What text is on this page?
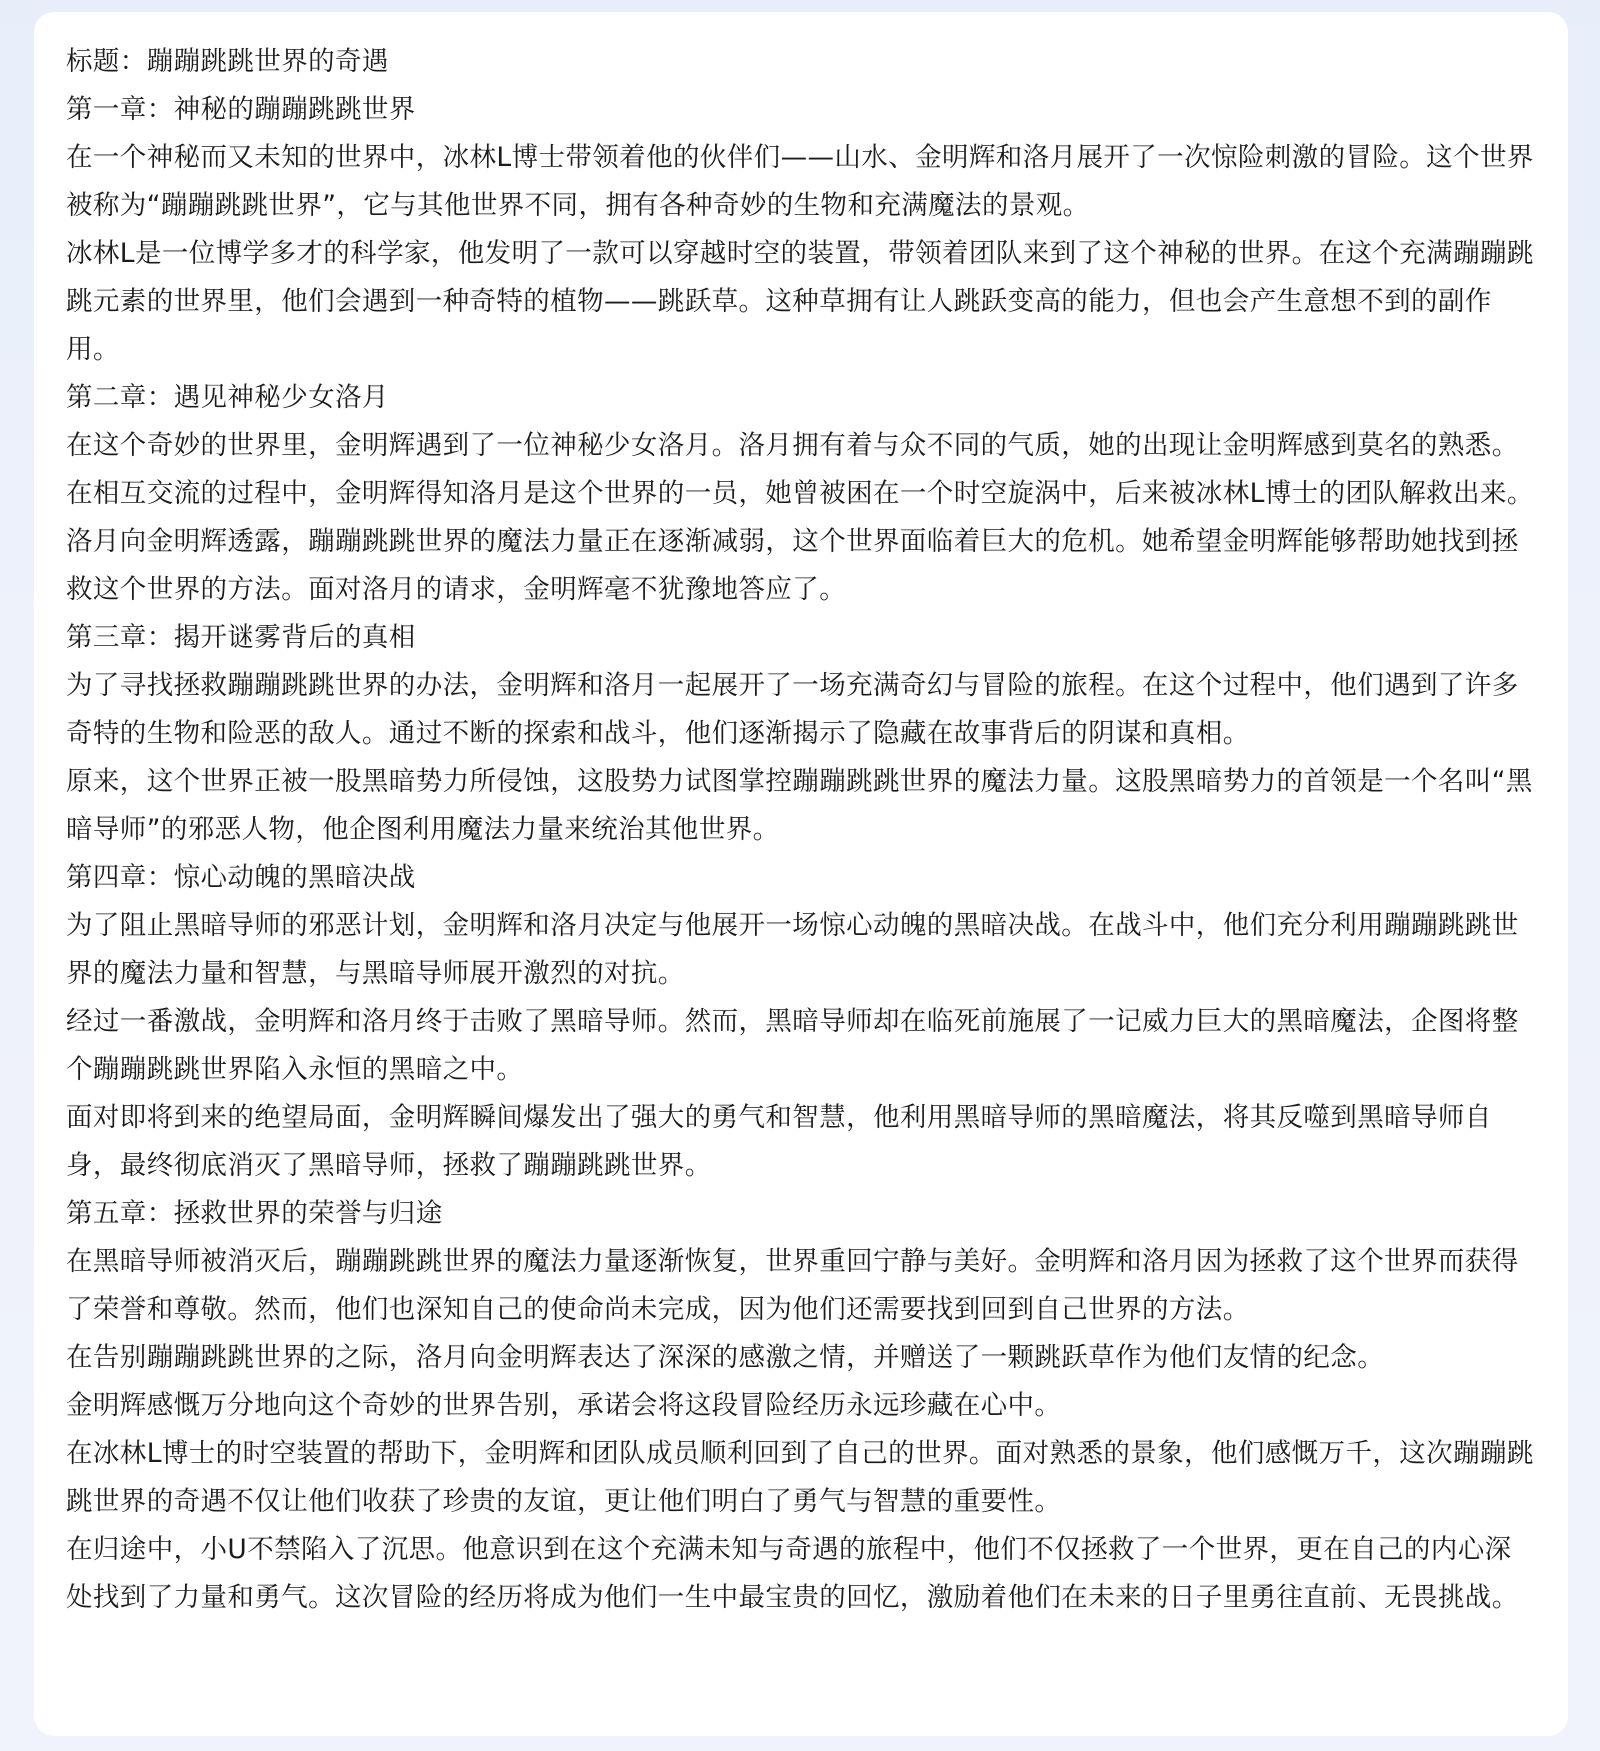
标题：蹦蹦跳跳世界的奇遇

第一章：神秘的蹦蹦跳跳世界

在一个神秘而又未知的世界中，冰林L博士带领着他的伙伴们——山水、金明辉和洛月展开了一次惊险刺激的冒险。这个世界被称为“蹦蹦跳跳世界”，它与其他世界不同，拥有各种奇妙的生物和充满魔法的景观。

冰林L是一位博学多才的科学家，他发明了一款可以穿越时空的装置，带领着团队来到了这个神秘的世界。在这个充满蹦蹦跳跳元素的世界里，他们会遇到一种奇特的植物——跳跃草。这种草拥有让人跳跃变高的能力，但也会产生意想不到的副作用。

第二章：遇见神秘少女洛月

在这个奇妙的世界里，金明辉遇到了一位神秘少女洛月。洛月拥有着与众不同的气质，她的出现让金明辉感到莫名的熟悉。在相互交流的过程中，金明辉得知洛月是这个世界的一员，她曾被困在一个时空旋涡中，后来被冰林L博士的团队解救出来。

洛月向金明辉透露，蹦蹦跳跳世界的魔法力量正在逐渐减弱，这个世界面临着巨大的危机。她希望金明辉能够帮助她找到拯救这个世界的方法。面对洛月的请求，金明辉毫不犹豫地答应了。

第三章：揭开谜雾背后的真相

为了寻找拯救蹦蹦跳跳世界的办法，金明辉和洛月一起展开了一场充满奇幻与冒险的旅程。在这个过程中，他们遇到了许多奇特的生物和险恶的敌人。通过不断的探索和战斗，他们逐渐揭示了隐藏在故事背后的阴谋和真相。

原来，这个世界正被一股黑暗势力所侵蚀，这股势力试图掌控蹦蹦跳跳世界的魔法力量。这股黑暗势力的首领是一个名叫“黑暗导师”的邪恶人物，他企图利用魔法力量来统治其他世界。

第四章：惊心动魄的黑暗决战

为了阻止黑暗导师的邪恶计划，金明辉和洛月决定与他展开一场惊心动魄的黑暗决战。在战斗中，他们充分利用蹦蹦跳跳世界的魔法力量和智慧，与黑暗导师展开激烈的对抗。

经过一番激战，金明辉和洛月终于击败了黑暗导师。然而，黑暗导师却在临死前施展了一记威力巨大的黑暗魔法，企图将整个蹦蹦跳跳世界陷入永恒的黑暗之中。

面对即将到来的绝望局面，金明辉瞬间爆发出了强大的勇气和智慧，他利用黑暗导师的黑暗魔法，将其反噬到黑暗导师自身，最终彻底消灭了黑暗导师，拯救了蹦蹦跳跳世界。

第五章：拯救世界的荣誉与归途

在黑暗导师被消灭后，蹦蹦跳跳世界的魔法力量逐渐恢复，世界重回宁静与美好。金明辉和洛月因为拯救了这个世界而获得了荣誉和尊敬。然而，他们也深知自己的使命尚未完成，因为他们还需要找到回到自己世界的方法。

在告别蹦蹦跳跳世界的之际，洛月向金明辉表达了深深的感激之情，并赠送了一颗跳跃草作为他们友情的纪念。

金明辉感慨万分地向这个奇妙的世界告别，承诺会将这段冒险经历永远珍藏在心中。

在冰林L博士的时空装置的帮助下，金明辉和团队成员顺利回到了自己的世界。面对熟悉的景象，他们感慨万千，这次蹦蹦跳跳世界的奇遇不仅让他们收获了珍贵的友谊，更让他们明白了勇气与智慧的重要性。

在归途中，小U不禁陷入了沉思。他意识到在这个充满未知与奇遇的旅程中，他们不仅拯救了一个世界，更在自己的内心深处找到了力量和勇气。这次冒险的经历将成为他们一生中最宝贵的回忆，激励着他们在未来的日子里勇往直前、无畏挑战。
